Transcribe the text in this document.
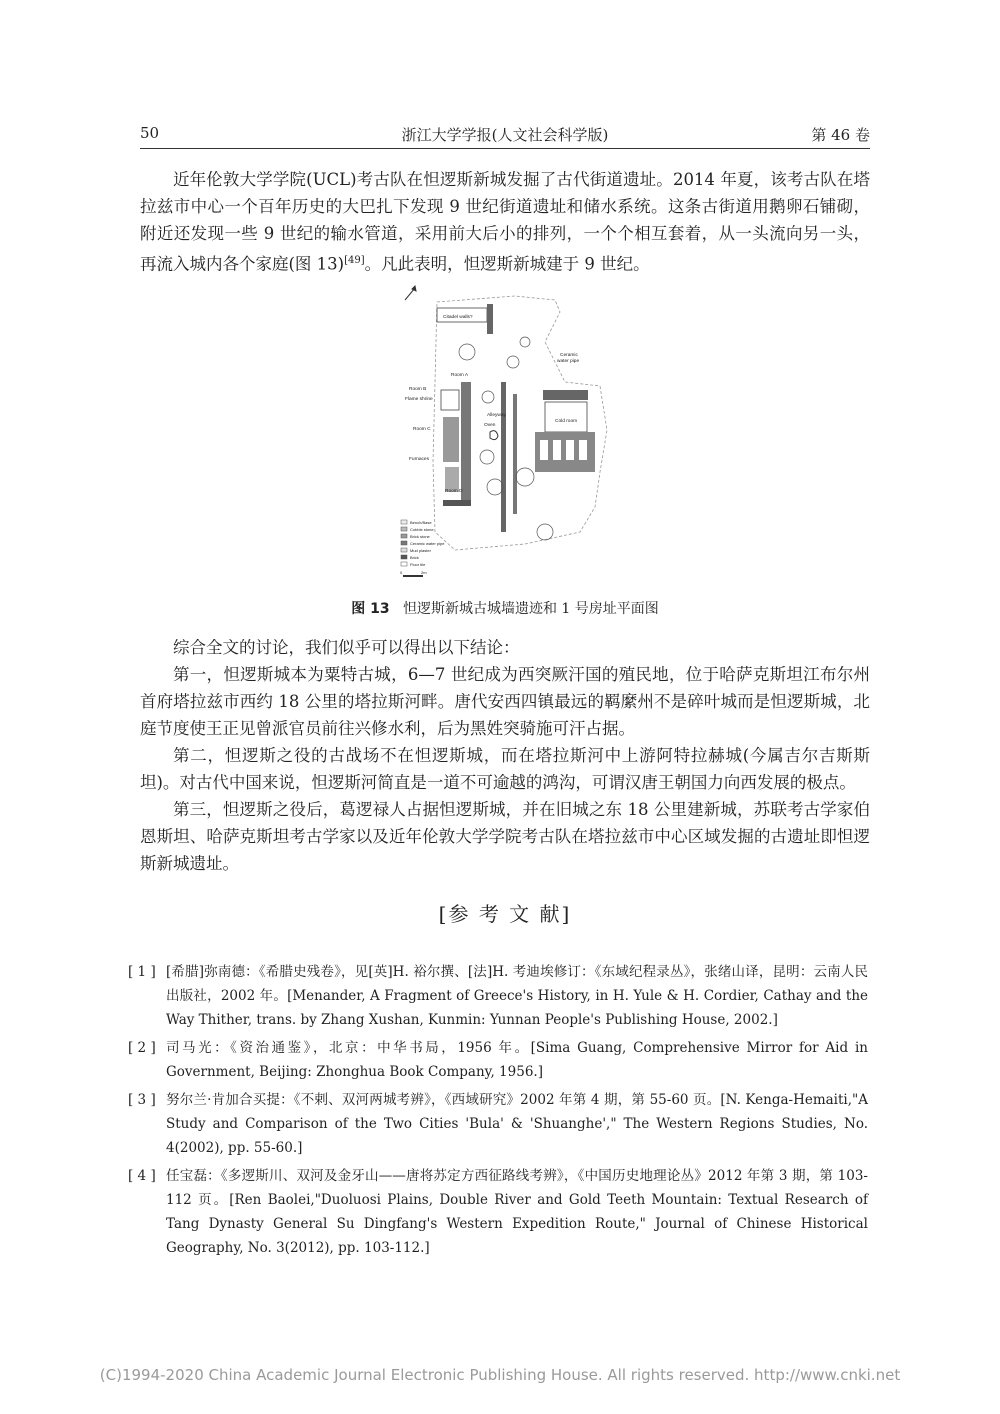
50	浙江大学学报(人文社会科学版)	第 46 卷

近年伦敦大学学院(UCL)考古队在怛逻斯新城发掘了古代街道遗址。2014 年夏，该考古队在塔拉兹市中心一个百年历史的大巴扎下发现 9 世纪街道遗址和储水系统。这条古街道用鹅卵石铺砌，附近还发现一些 9 世纪的输水管道，采用前大后小的排列，一个个相互套着，从一头流向另一头，再流入城内各个家庭(图 13)[49]。凡此表明，怛逻斯新城建于 9 世纪。

Citadel walls?
Room A
Room B
Flame shrine
Room C
Furnaces
Room D
Alleyway
Oven
Ceramic
water pipe
Cold room
Bench/Base
Cobble stone
Brick stone
Ceramic water pipe
Mud plaster
Brick
Floor tile
0	2m
图 13 怛逻斯新城古城墙遗迹和 1 号房址平面图

综合全文的讨论，我们似乎可以得出以下结论：

第一，怛逻斯城本为粟特古城，6—7 世纪成为西突厥汗国的殖民地，位于哈萨克斯坦江布尔州首府塔拉兹市西约 18 公里的塔拉斯河畔。唐代安西四镇最远的羁縻州不是碎叶城而是怛逻斯城，北庭节度使王正见曾派官员前往兴修水利，后为黑姓突骑施可汗占据。

第二，怛逻斯之役的古战场不在怛逻斯城，而在塔拉斯河中上游阿特拉赫城(今属吉尔吉斯斯坦)。对古代中国来说，怛逻斯河简直是一道不可逾越的鸿沟，可谓汉唐王朝国力向西发展的极点。

第三，怛逻斯之役后，葛逻禄人占据怛逻斯城，并在旧城之东 18 公里建新城，苏联考古学家伯恩斯坦、哈萨克斯坦考古学家以及近年伦敦大学学院考古队在塔拉兹市中心区域发掘的古遗址即怛逻斯新城遗址。

[参 考 文 献]
[ 1 ] [希腊]弥南德：《希腊史残卷》，见[英]H. 裕尔撰、[法]H. 考迪埃修订：《东域纪程录丛》，张绪山译，昆明：云南人民出版社，2002 年。[Menander, A Fragment of Greece's History, in H. Yule & H. Cordier, Cathay and the Way Thither, trans. by Zhang Xushan, Kunmin: Yunnan People's Publishing House, 2002.]
[ 2 ] 司马光：《资治通鉴》，北京：中华书局，1956 年。[Sima Guang, Comprehensive Mirror for Aid in Government, Beijing: Zhonghua Book Company, 1956.]
[ 3 ] 努尔兰·肯加合买提：《不剌、双河两城考辨》，《西域研究》2002 年第 4 期，第 55-60 页。[N. Kenga-Hemaiti,"A Study and Comparison of the Two Cities 'Bula' & 'Shuanghe'," The Western Regions Studies, No. 4(2002), pp. 55-60.]
[ 4 ] 任宝磊：《多逻斯川、双河及金牙山——唐将苏定方西征路线考辨》，《中国历史地理论丛》2012 年第 3 期，第 103-112 页。[Ren Baolei,"Duoluosi Plains, Double River and Gold Teeth Mountain: Textual Research of Tang Dynasty General Su Dingfang's Western Expedition Route," Journal of Chinese Historical Geography, No. 3(2012), pp. 103-112.]
(C)1994-2020 China Academic Journal Electronic Publishing House. All rights reserved. http://www.cnki.net
